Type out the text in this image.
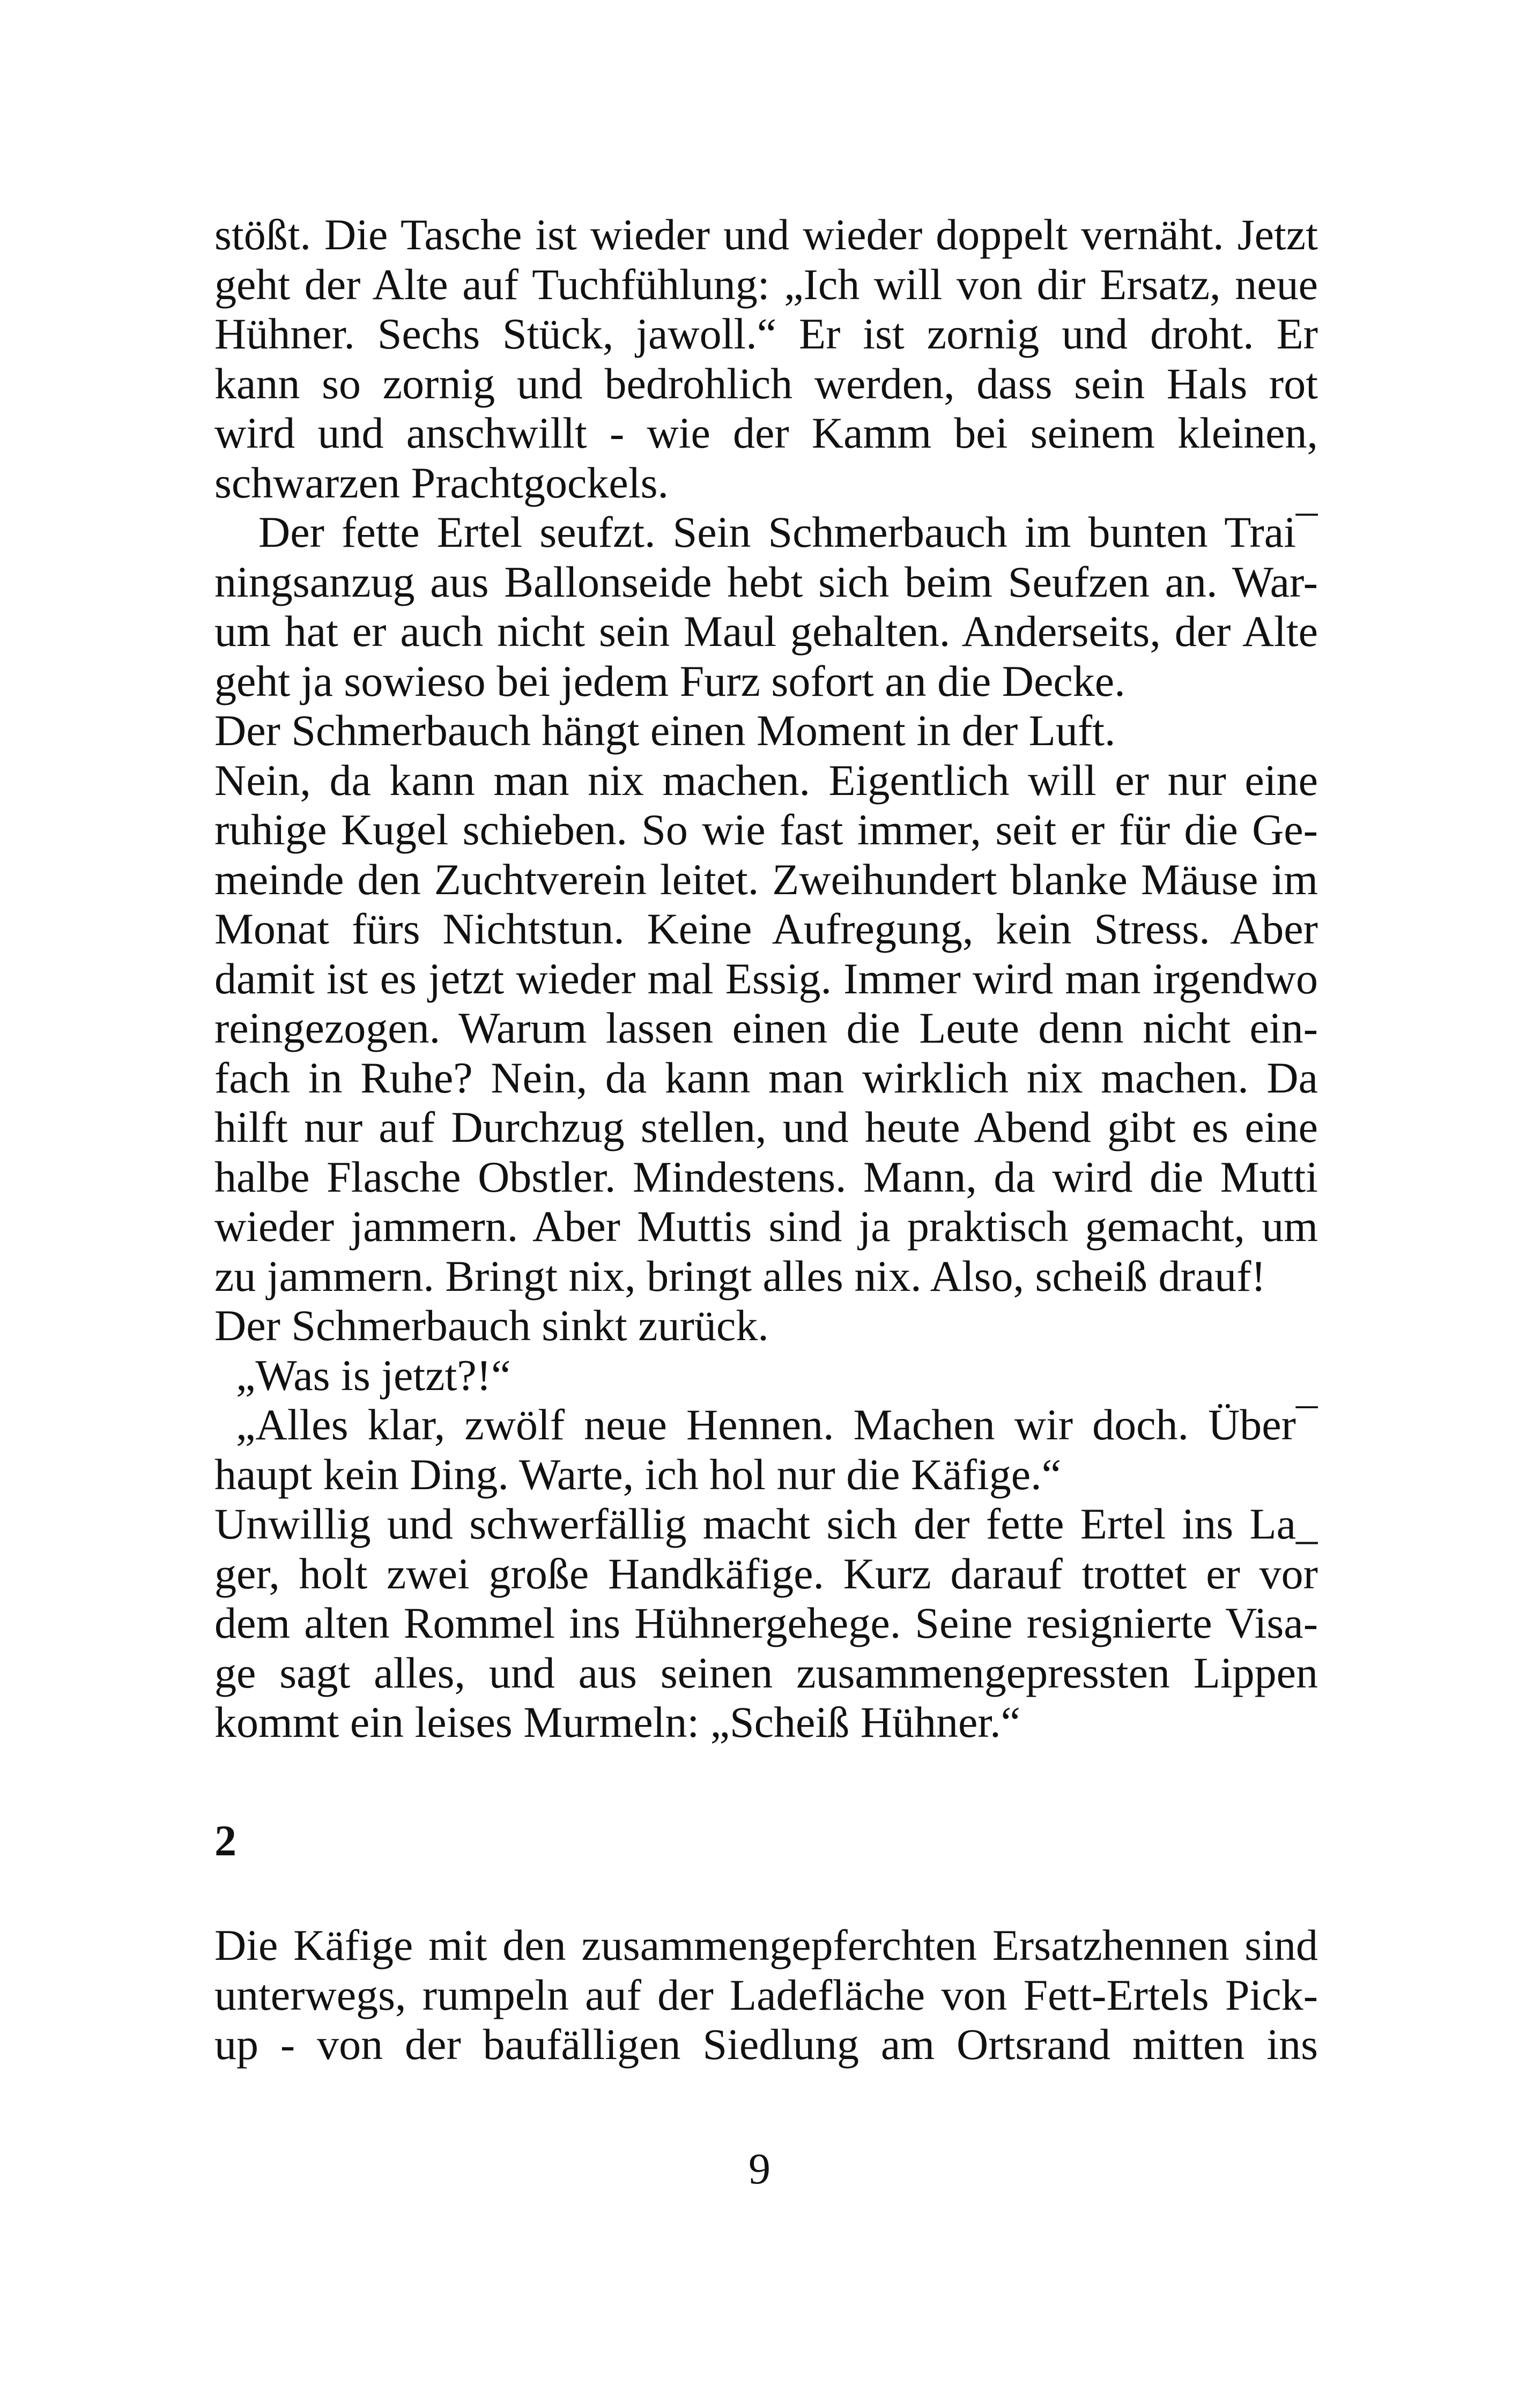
stößt. Die Tasche ist wieder und wieder doppelt vernäht. Jetzt
geht der Alte auf Tuchfühlung: „Ich will von dir Ersatz, neue
Hühner. Sechs Stück, jawoll.“ Er ist zornig und droht. Er
kann so zornig und bedrohlich werden, dass sein Hals rot
wird und anschwillt - wie der Kamm bei seinem kleinen,
schwarzen Prachtgockels.
Der fette Ertel seufzt. Sein Schmerbauch im bunten Trai¯
ningsanzug aus Ballonseide hebt sich beim Seufzen an. War-
um hat er auch nicht sein Maul gehalten. Anderseits, der Alte
geht ja sowieso bei jedem Furz sofort an die Decke.
Der Schmerbauch hängt einen Moment in der Luft.
Nein, da kann man nix machen. Eigentlich will er nur eine
ruhige Kugel schieben. So wie fast immer, seit er für die Ge-
meinde den Zuchtverein leitet. Zweihundert blanke Mäuse im
Monat fürs Nichtstun. Keine Aufregung, kein Stress. Aber
damit ist es jetzt wieder mal Essig. Immer wird man irgendwo
reingezogen. Warum lassen einen die Leute denn nicht ein-
fach in Ruhe? Nein, da kann man wirklich nix machen. Da
hilft nur auf Durchzug stellen, und heute Abend gibt es eine
halbe Flasche Obstler. Mindestens. Mann, da wird die Mutti
wieder jammern. Aber Muttis sind ja praktisch gemacht, um
zu jammern. Bringt nix, bringt alles nix. Also, scheiß drauf!
Der Schmerbauch sinkt zurück.
„Was is jetzt?!“
„Alles klar, zwölf neue Hennen. Machen wir doch. Über¯
haupt kein Ding. Warte, ich hol nur die Käfige.“
Unwillig und schwerfällig macht sich der fette Ertel ins La_
ger, holt zwei große Handkäfige. Kurz darauf trottet er vor
dem alten Rommel ins Hühnergehege. Seine resignierte Visa-
ge sagt alles, und aus seinen zusammengepressten Lippen
kommt ein leises Murmeln: „Scheiß Hühner.“
2
Die Käfige mit den zusammengepferchten Ersatzhennen sind
unterwegs, rumpeln auf der Ladefläche von Fett-Ertels Pick-
up - von der baufälligen Siedlung am Ortsrand mitten ins
9
